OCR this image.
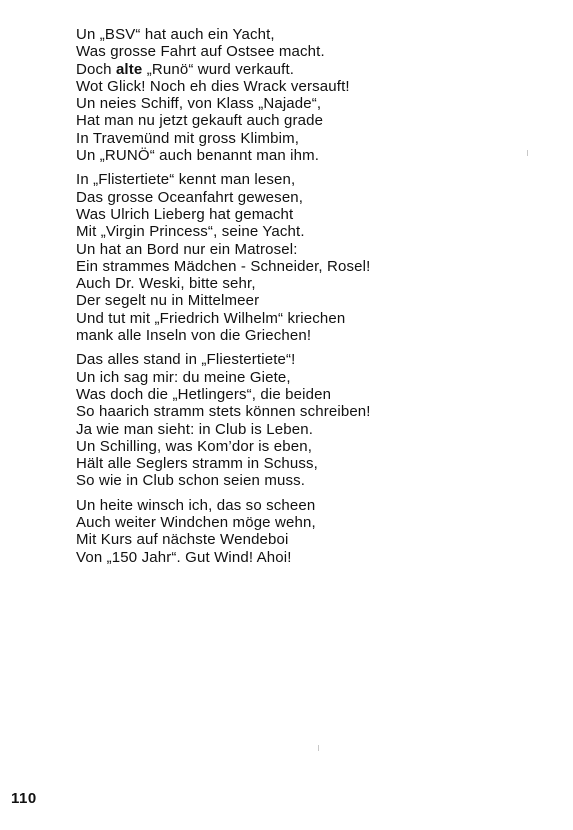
Un „BSV“ hat auch ein Yacht,
Was grosse Fahrt auf Ostsee macht.
Doch alte „Runö“ wurd verkauft.
Wot Glick! Noch eh dies Wrack versauft!
Un neies Schiff, von Klass „Najade“,
Hat man nu jetzt gekauft auch grade
In Travemünd mit gross Klimbim,
Un „RUNÖ“ auch benannt man ihm.
In „Flistertiete“ kennt man lesen,
Das grosse Oceanfahrt gewesen,
Was Ulrich Lieberg hat gemacht
Mit „Virgin Princess“, seine Yacht.
Un hat an Bord nur ein Matrosel:
Ein strammes Mädchen - Schneider, Rosel!
Auch Dr. Weski, bitte sehr,
Der segelt nu in Mittelmeer
Und tut mit „Friedrich Wilhelm“ kriechen
mank alle Inseln von die Griechen!
Das alles stand in „Fliestertiete“!
Un ich sag mir: du meine Giete,
Was doch die „Hetlingers“, die beiden
So haarich stramm stets können schreiben!
Ja wie man sieht: in Club is Leben.
Un Schilling, was Kom’dor is eben,
Hält alle Seglers stramm in Schuss,
So wie in Club schon seien muss.
Un heite winsch ich, das so scheen
Auch weiter Windchen möge wehn,
Mit Kurs auf nächste Wendeboi
Von „150 Jahr“. Gut Wind! Ahoi!
110
